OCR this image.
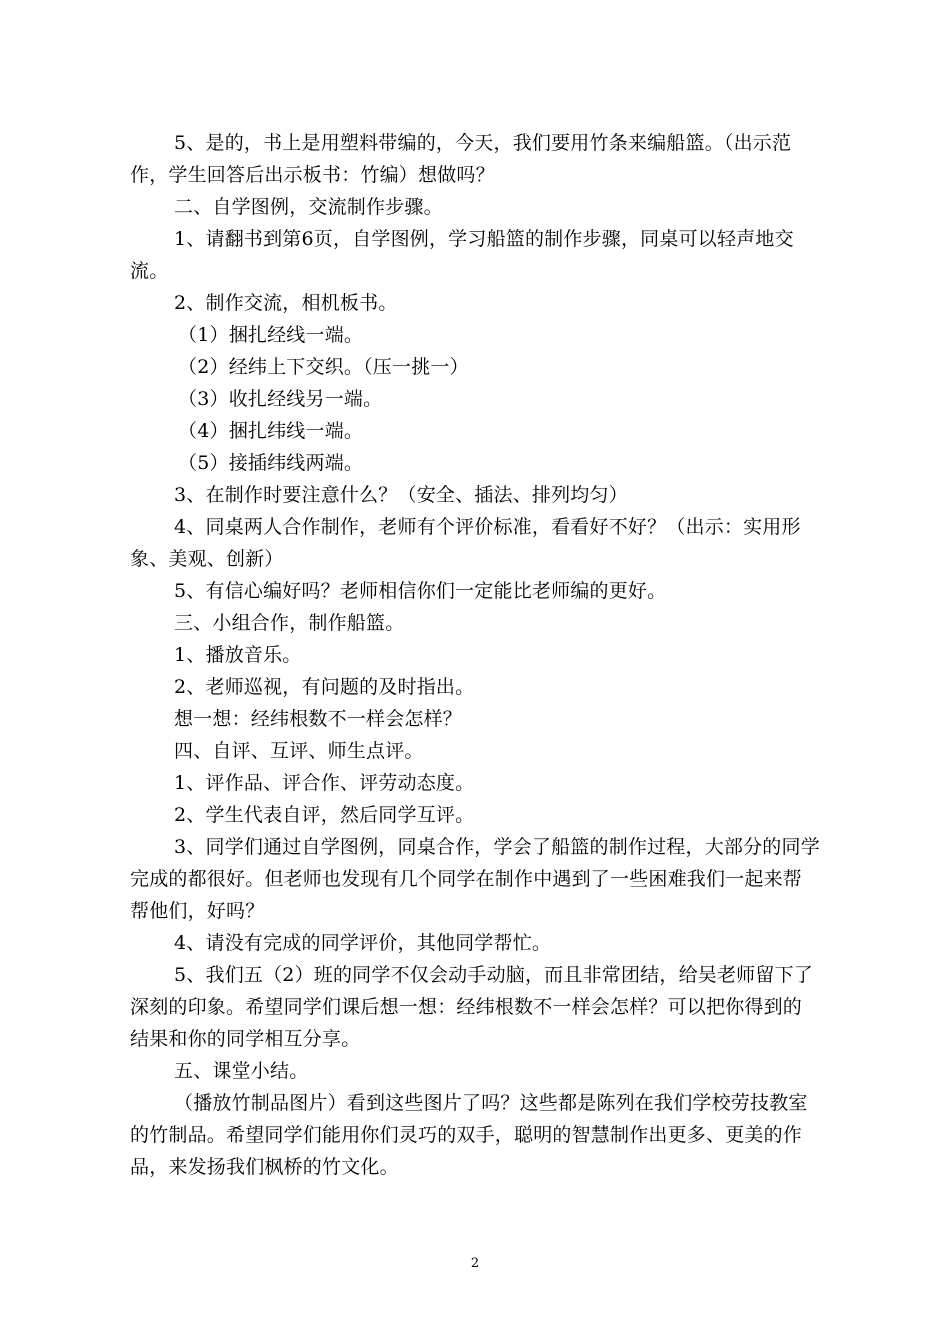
5、是的，书上是用塑料带编的，今天，我们要用竹条来编船篮。（出示范作，学生回答后出示板书：竹编）想做吗？

二、自学图例，交流制作步骤。

1、请翻书到第6页，自学图例，学习船篮的制作步骤，同桌可以轻声地交流。

2、制作交流，相机板书。

（1）捆扎经线一端。

（2）经纬上下交织。（压一挑一）

（3）收扎经线另一端。

（4）捆扎纬线一端。

（5）接插纬线两端。

3、在制作时要注意什么？（安全、插法、排列均匀）

4、同桌两人合作制作，老师有个评价标准，看看好不好？（出示：实用形象、美观、创新）

5、有信心编好吗？老师相信你们一定能比老师编的更好。

三、小组合作，制作船篮。

1、播放音乐。

2、老师巡视，有问题的及时指出。

想一想：经纬根数不一样会怎样？

四、自评、互评、师生点评。

1、评作品、评合作、评劳动态度。

2、学生代表自评，然后同学互评。

3、同学们通过自学图例，同桌合作，学会了船篮的制作过程，大部分的同学完成的都很好。但老师也发现有几个同学在制作中遇到了一些困难我们一起来帮帮他们，好吗？

4、请没有完成的同学评价，其他同学帮忙。

5、我们五（2）班的同学不仅会动手动脑，而且非常团结，给吴老师留下了深刻的印象。希望同学们课后想一想：经纬根数不一样会怎样？可以把你得到的结果和你的同学相互分享。

五、课堂小结。

（播放竹制品图片）看到这些图片了吗？这些都是陈列在我们学校劳技教室的竹制品。希望同学们能用你们灵巧的双手，聪明的智慧制作出更多、更美的作品，来发扬我们枫桥的竹文化。

2
